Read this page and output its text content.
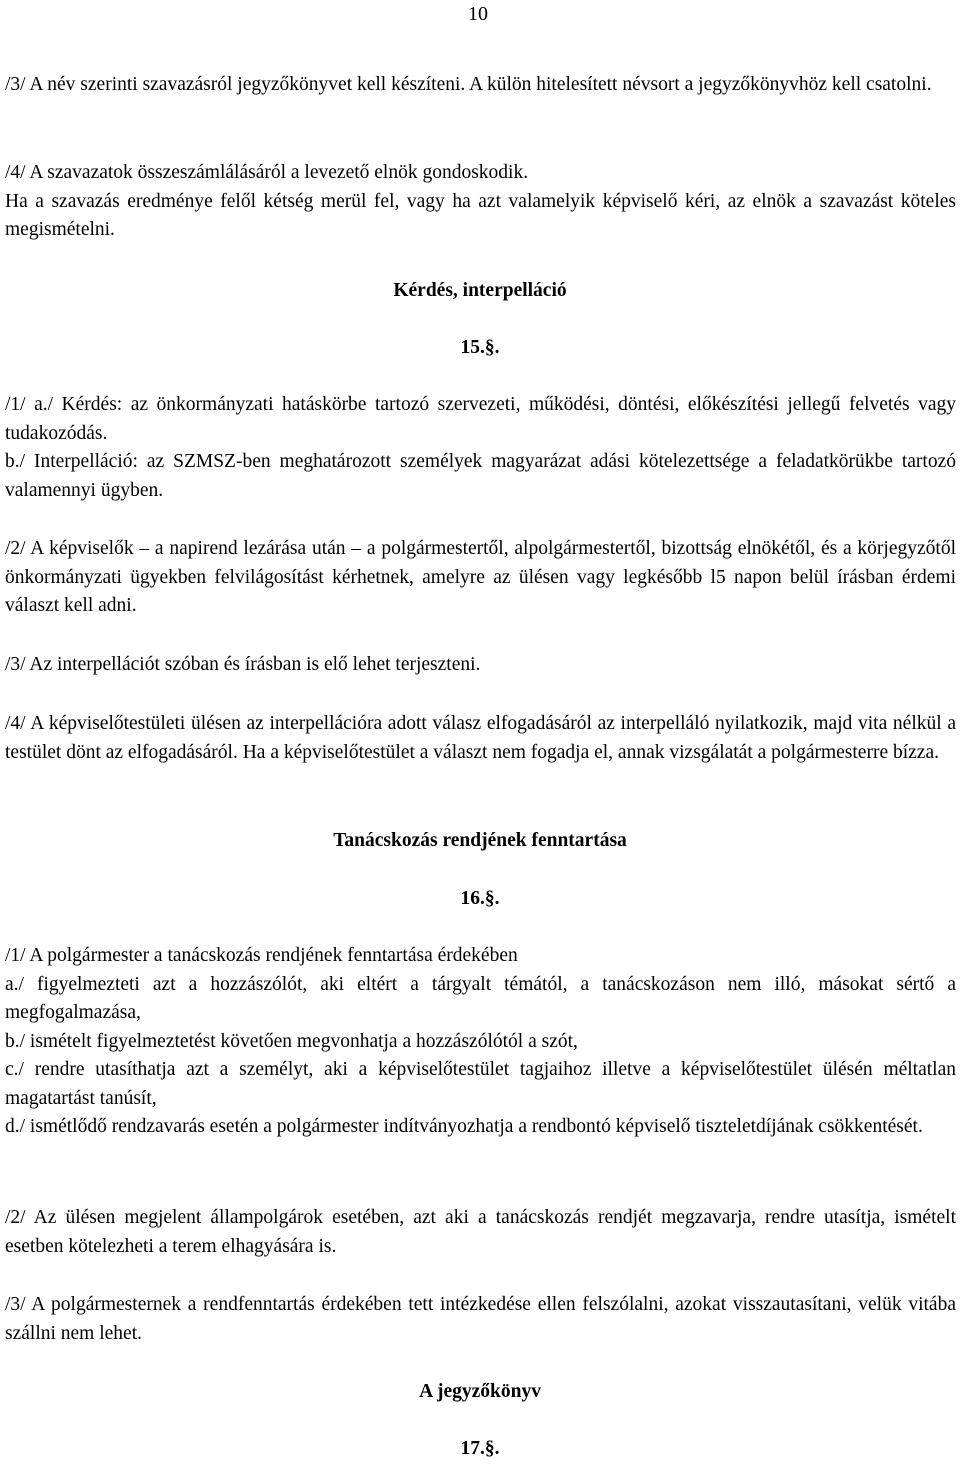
10

/3/ A név szerinti szavazásról jegyzőkönyvet kell készíteni. A külön hitelesített névsort a jegyzőkönyvhöz kell csatolni.

/4/ A szavazatok összeszámlálásáról a levezető elnök gondoskodik.

Ha a szavazás eredménye felől kétség merül fel, vagy ha azt valamelyik képviselő kéri, az elnök a szavazást köteles megismételni.

Kérdés, interpelláció
15.§.

/1/ a./ Kérdés: az önkormányzati hatáskörbe tartozó szervezeti, működési, döntési, előkészítési jellegű felvetés vagy tudakozódás.

b./ Interpelláció: az SZMSZ-ben meghatározott személyek magyarázat adási kötelezettsége a feladatkörükbe tartozó valamennyi ügyben.

/2/ A képviselők – a napirend lezárása után – a polgármestertől, alpolgármestertől, bizottság elnökétől, és a körjegyzőtől önkormányzati ügyekben felvilágosítást kérhetnek, amelyre az ülésen vagy legkésőbb l5 napon belül írásban érdemi választ kell adni.

/3/ Az interpellációt szóban és írásban is elő lehet terjeszteni.

/4/ A képviselőtestületi ülésen az interpellációra adott válasz elfogadásáról az interpelláló nyilatkozik, majd vita nélkül a testület dönt az elfogadásáról. Ha a képviselőtestület a választ nem fogadja el, annak vizsgálatát a polgármesterre bízza.

Tanácskozás rendjének fenntartása
16.§.

/1/ A polgármester a tanácskozás rendjének fenntartása érdekében

a./ figyelmezteti azt a hozzászólót, aki eltért a tárgyalt témától, a tanácskozáson nem illó, másokat sértő a megfogalmazása,

b./ ismételt figyelmeztetést követően megvonhatja a hozzászólótól a szót,

c./ rendre utasíthatja azt a személyt, aki a képviselőtestület tagjaihoz illetve a képviselőtestület ülésén méltatlan magatartást tanúsít,

d./ ismétlődő rendzavarás esetén a polgármester indítványozhatja a rendbontó képviselő tiszteletdíjának csökkentését.

/2/ Az ülésen megjelent állampolgárok esetében, azt aki a tanácskozás rendjét megzavarja, rendre utasítja, ismételt esetben kötelezheti a terem elhagyására is.

/3/ A polgármesternek a rendfenntartás érdekében tett intézkedése ellen felszólalni, azokat visszautasítani, velük vitába szállni nem lehet.

A jegyzőkönyv
17.§.
